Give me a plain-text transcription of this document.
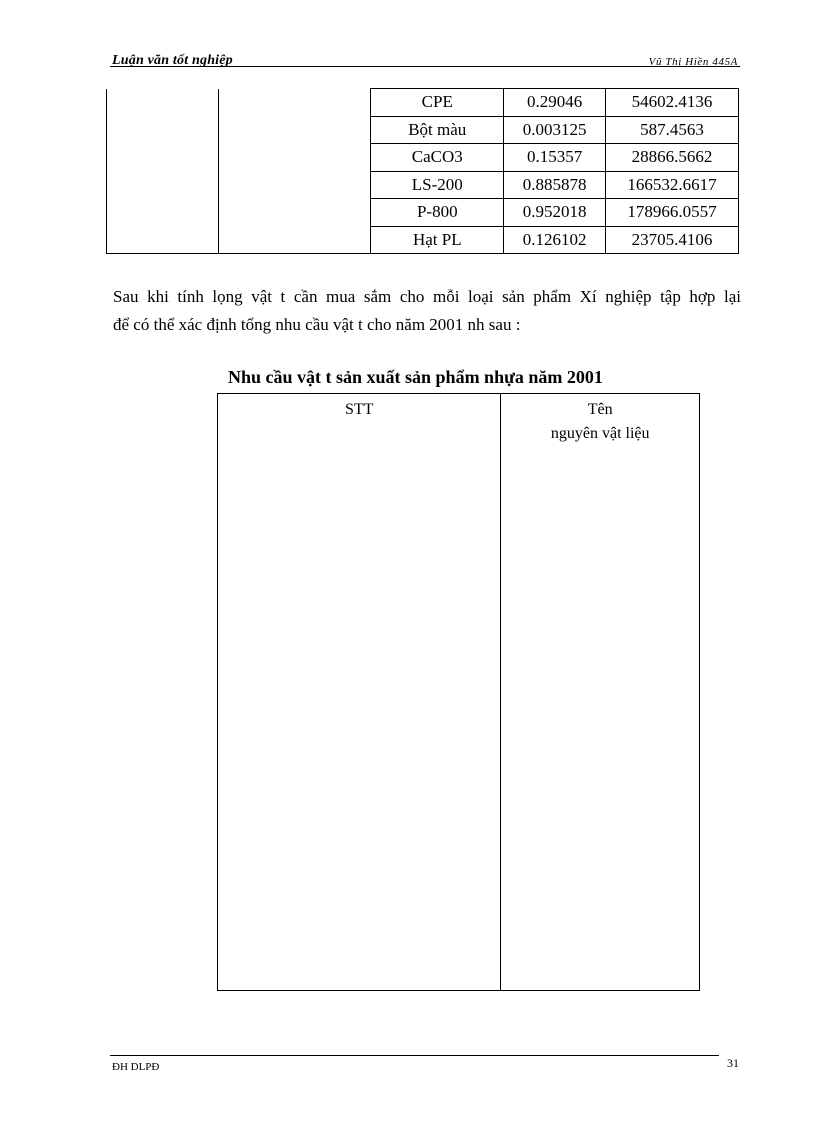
Luận văn tốt nghiệp	Vũ Thị Hiền 445A
		CPE	0.29046	54602.4136
		Bột màu	0.003125	587.4563
		CaCO3	0.15357	28866.5662
		LS-200	0.885878	166532.6617
		P-800	0.952018	178966.0557
		Hạt PL	0.126102	23705.4106
Sau khi tính lọng vật t cần mua sắm cho mỗi loại sản phẩm Xí nghiệp tập hợp lại
để có thể xác định tổng nhu cầu vật t cho năm 2001 nh sau :
Nhu cầu vật t sản xuất sản phẩm nhựa năm 2001
STT	Tên
nguyên vật liệu
ĐH DLPĐ	31
